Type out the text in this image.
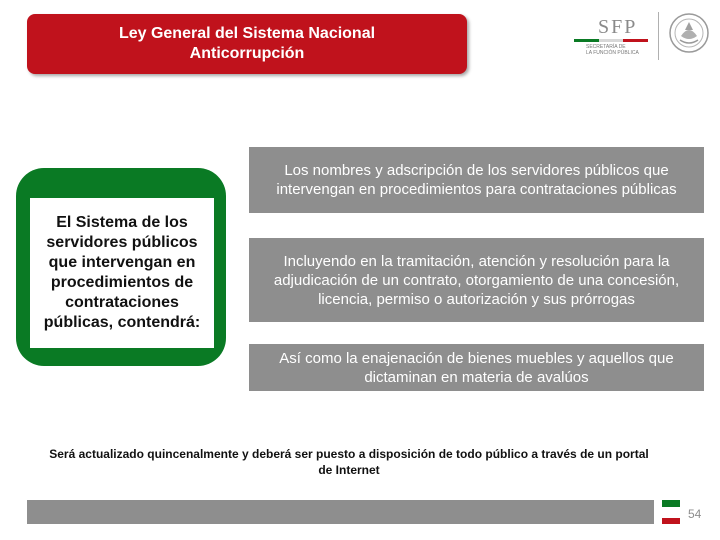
Ley General del Sistema Nacional
Anticorrupción
SFP
SECRETARÍA DE
LA FUNCIÓN PÚBLICA
El Sistema de los servidores públicos que intervengan en procedimientos de contrataciones públicas, contendrá:
Los nombres y adscripción de los servidores públicos que intervengan en procedimientos para contrataciones públicas
Incluyendo en la tramitación, atención y resolución para la adjudicación de un contrato, otorgamiento de una concesión, licencia, permiso o autorización y sus prórrogas
Así como la enajenación de bienes muebles y aquellos que dictaminan en materia de avalúos
Será actualizado quincenalmente y deberá ser puesto a disposición de todo público a través de un portal de Internet
54
